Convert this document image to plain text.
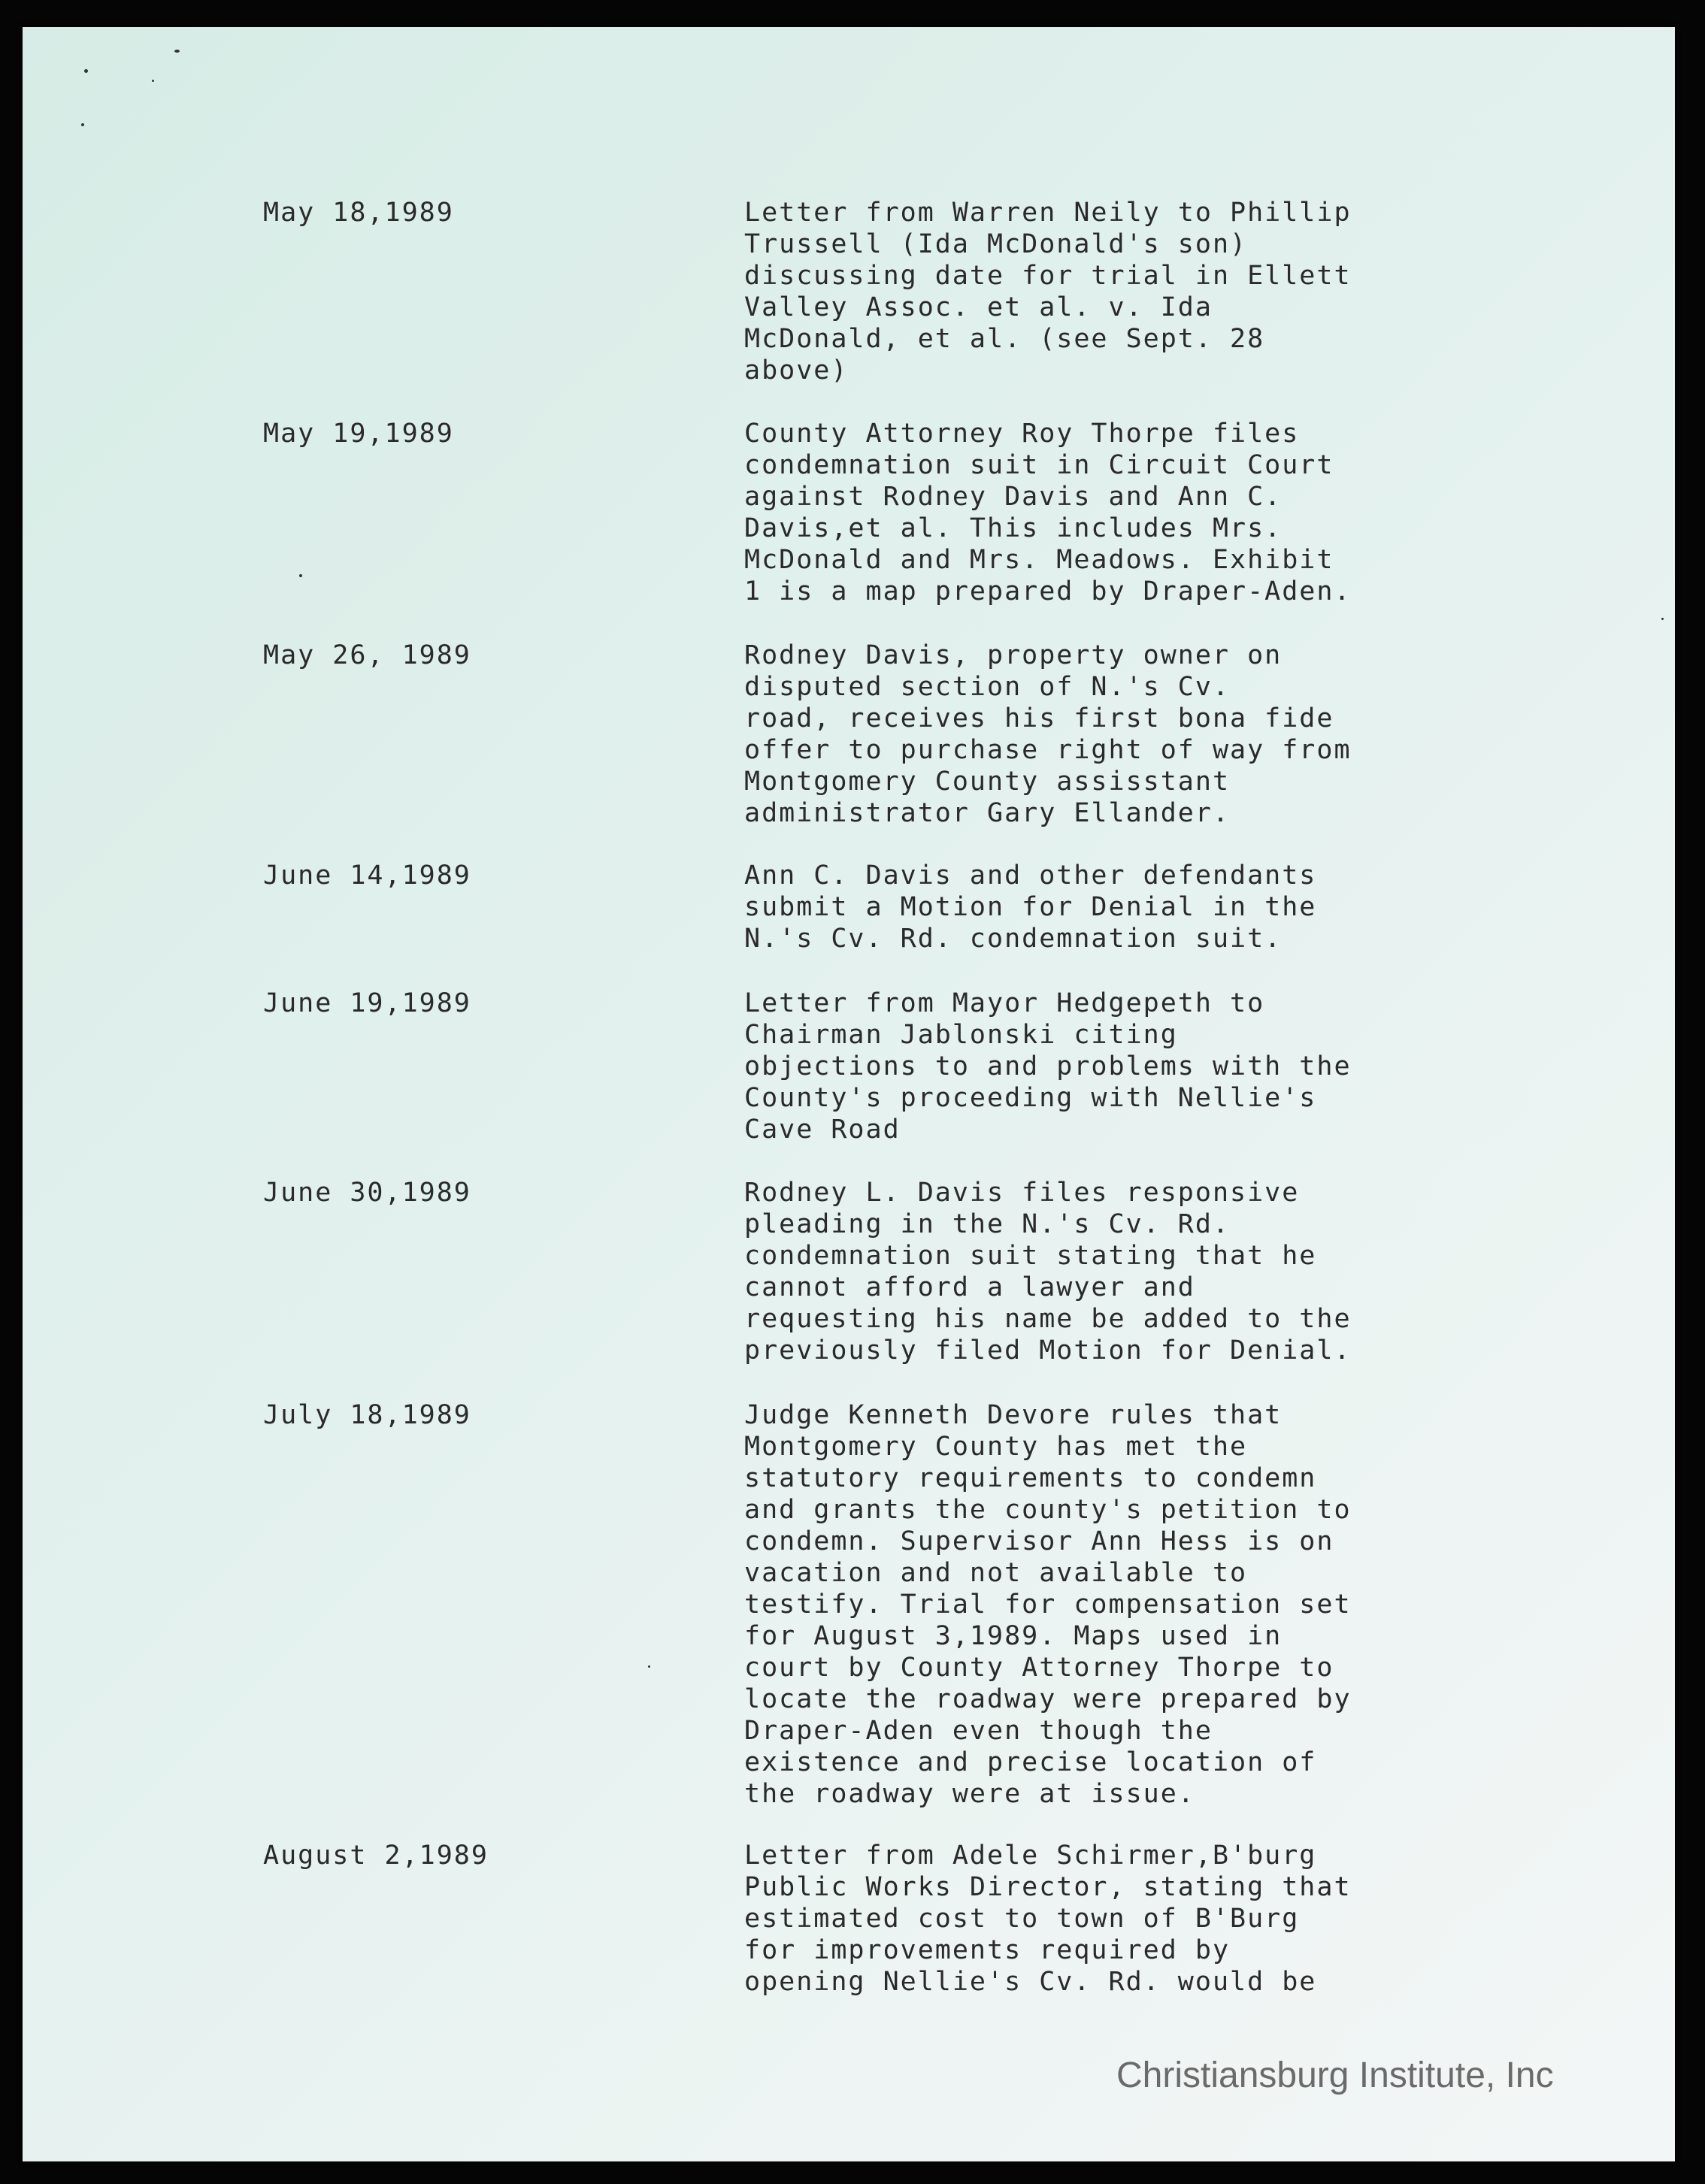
May 18,1989	Letter from Warren Neily to Phillip
Trussell (Ida McDonald's son)
discussing date for trial in Ellett
Valley Assoc. et al. v. Ida
McDonald, et al. (see Sept. 28
above)
May 19,1989	County Attorney Roy Thorpe files
condemnation suit in Circuit Court
against Rodney Davis and Ann C.
Davis,et al. This includes Mrs.
McDonald and Mrs. Meadows. Exhibit
1 is a map prepared by Draper-Aden.
May 26, 1989	Rodney Davis, property owner on
disputed section of N.'s Cv.
road, receives his first bona fide
offer to purchase right of way from
Montgomery County assisstant
administrator Gary Ellander.
June 14,1989	Ann C. Davis and other defendants
submit a Motion for Denial in the
N.'s Cv. Rd. condemnation suit.
June 19,1989	Letter from Mayor Hedgepeth to
Chairman Jablonski citing
objections to and problems with the
County's proceeding with Nellie's
Cave Road
June 30,1989	Rodney L. Davis files responsive
pleading in the N.'s Cv. Rd.
condemnation suit stating that he
cannot afford a lawyer and
requesting his name be added to the
previously filed Motion for Denial.
July 18,1989	Judge Kenneth Devore rules that
Montgomery County has met the
statutory requirements to condemn
and grants the county's petition to
condemn. Supervisor Ann Hess is on
vacation and not available to
testify. Trial for compensation set
for August 3,1989. Maps used in
court by County Attorney Thorpe to
locate the roadway were prepared by
Draper-Aden even though the
existence and precise location of
the roadway were at issue.
August 2,1989	Letter from Adele Schirmer,B'burg
Public Works Director, stating that
estimated cost to town of B'Burg
for improvements required by
opening Nellie's Cv. Rd. would be
Christiansburg Institute, Inc
